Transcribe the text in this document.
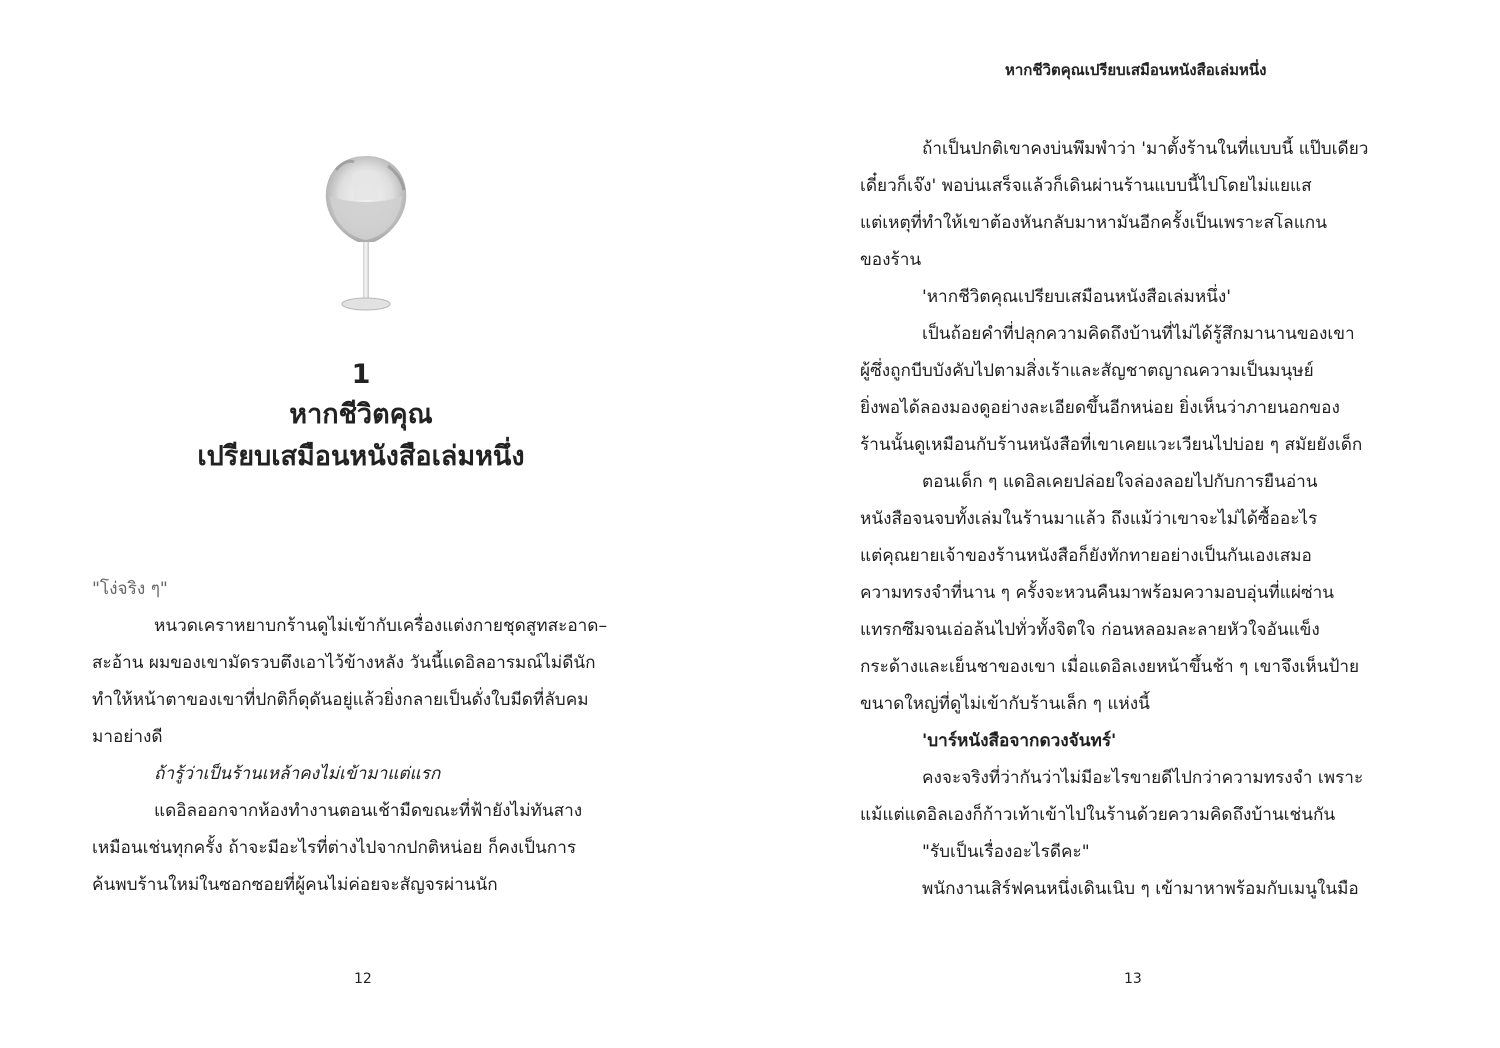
1
หากชีวิตคุณ
เปรียบเสมือนหนังสือเล่มหนึ่ง
"โง่จริง ๆ"
หนวดเคราหยาบกร้านดูไม่เข้ากับเครื่องแต่งกายชุดสูทสะอาด–
สะอ้าน ผมของเขามัดรวบตึงเอาไว้ข้างหลัง วันนี้แดอิลอารมณ์ไม่ดีนัก
ทำให้หน้าตาของเขาที่ปกติก็ดุดันอยู่แล้วยิ่งกลายเป็นดั่งใบมีดที่ลับคม
มาอย่างดี
ถ้ารู้ว่าเป็นร้านเหล้าคงไม่เข้ามาแต่แรก
แดอิลออกจากห้องทำงานตอนเช้ามืดขณะที่ฟ้ายังไม่ทันสาง
เหมือนเช่นทุกครั้ง ถ้าจะมีอะไรที่ต่างไปจากปกติหน่อย ก็คงเป็นการ
ค้นพบร้านใหม่ในซอกซอยที่ผู้คนไม่ค่อยจะสัญจรผ่านนัก
12
หากชีวิตคุณเปรียบเสมือนหนังสือเล่มหนึ่ง
ถ้าเป็นปกติเขาคงบ่นพึมพำว่า 'มาตั้งร้านในที่แบบนี้ แป๊บเดียว
เดี๋ยวก็เจ๊ง' พอบ่นเสร็จแล้วก็เดินผ่านร้านแบบนี้ไปโดยไม่แยแส
แต่เหตุที่ทำให้เขาต้องหันกลับมาหามันอีกครั้งเป็นเพราะสโลแกน
ของร้าน
'หากชีวิตคุณเปรียบเสมือนหนังสือเล่มหนึ่ง'
เป็นถ้อยคำที่ปลุกความคิดถึงบ้านที่ไม่ได้รู้สึกมานานของเขา
ผู้ซึ่งถูกบีบบังคับไปตามสิ่งเร้าและสัญชาตญาณความเป็นมนุษย์
ยิ่งพอได้ลองมองดูอย่างละเอียดขึ้นอีกหน่อย ยิ่งเห็นว่าภายนอกของ
ร้านนั้นดูเหมือนกับร้านหนังสือที่เขาเคยแวะเวียนไปบ่อย ๆ สมัยยังเด็ก
ตอนเด็ก ๆ แดอิลเคยปล่อยใจล่องลอยไปกับการยืนอ่าน
หนังสือจนจบทั้งเล่มในร้านมาแล้ว ถึงแม้ว่าเขาจะไม่ได้ซื้ออะไร
แต่คุณยายเจ้าของร้านหนังสือก็ยังทักทายอย่างเป็นกันเองเสมอ
ความทรงจำที่นาน ๆ ครั้งจะหวนคืนมาพร้อมความอบอุ่นที่แผ่ซ่าน
แทรกซึมจนเอ่อล้นไปทั่วทั้งจิตใจ ก่อนหลอมละลายหัวใจอันแข็ง
กระด้างและเย็นชาของเขา เมื่อแดอิลเงยหน้าขึ้นช้า ๆ เขาจึงเห็นป้าย
ขนาดใหญ่ที่ดูไม่เข้ากับร้านเล็ก ๆ แห่งนี้
'บาร์หนังสือจากดวงจันทร์'
คงจะจริงที่ว่ากันว่าไม่มีอะไรขายดีไปกว่าความทรงจำ เพราะ
แม้แต่แดอิลเองก็ก้าวเท้าเข้าไปในร้านด้วยความคิดถึงบ้านเช่นกัน
"รับเป็นเรื่องอะไรดีคะ"
พนักงานเสิร์ฟคนหนึ่งเดินเนิบ ๆ เข้ามาหาพร้อมกับเมนูในมือ
13
